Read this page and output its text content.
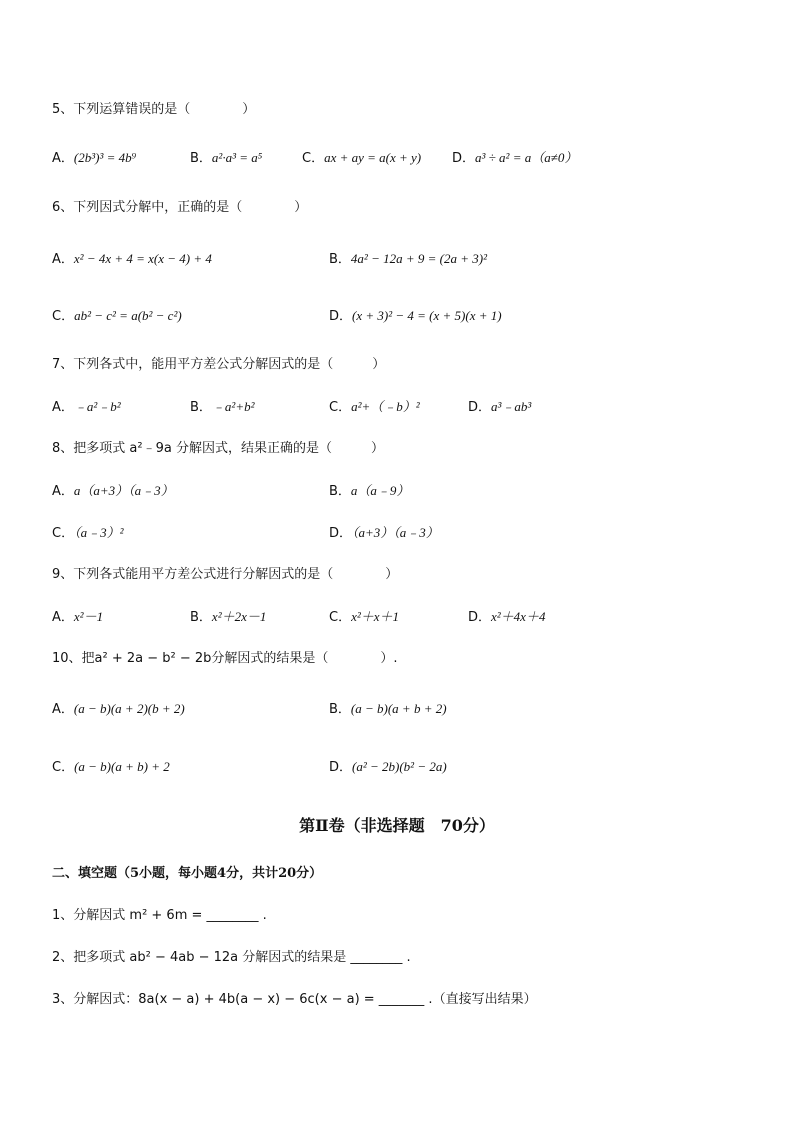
5、下列运算错误的是（　　　　）
A．(2b³)³ = 4b⁹	B．a²·a³ = a⁵	C．ax + ay = a(x + y) D．a³ ÷ a² = a（a≠0）
6、下列因式分解中，正确的是（　　　　）
A．x² − 4x + 4 = x(x − 4) + 4	B．4a² − 12a + 9 = (2a + 3)²
C．ab² − c² = a(b² − c²)	D．(x + 3)² − 4 = (x + 5)(x + 1)
7、下列各式中，能用平方差公式分解因式的是（　　　）
A．﹣a²﹣b²	B．﹣a²+b²	C．a²+（﹣b）²	D．a³﹣ab³
8、把多项式 a²﹣9a 分解因式，结果正确的是（　　　）
A．a（a+3）（a﹣3）	B．a（a﹣9）
C．（a﹣3）²	D．（a+3）（a﹣3）
9、下列各式能用平方差公式进行分解因式的是（　　　　）
A．x²－1	B．x²＋2x－1	C．x²＋x＋1	D．x²＋4x＋4
10、把a² + 2a − b² − 2b分解因式的结果是（　　　　）.
A．(a − b)(a + 2)(b + 2)	B．(a − b)(a + b + 2)
C．(a − b)(a + b) + 2	D．(a² − 2b)(b² − 2a)
第Ⅱ卷（非选择题　70分）
二、填空题（5小题，每小题4分，共计20分）
1、分解因式 m² + 6m = ________ .
2、把多项式 ab² − 4ab − 12a 分解因式的结果是 ________ .
3、分解因式：8a(x − a) + 4b(a − x) − 6c(x − a) = _______ .（直接写出结果）
